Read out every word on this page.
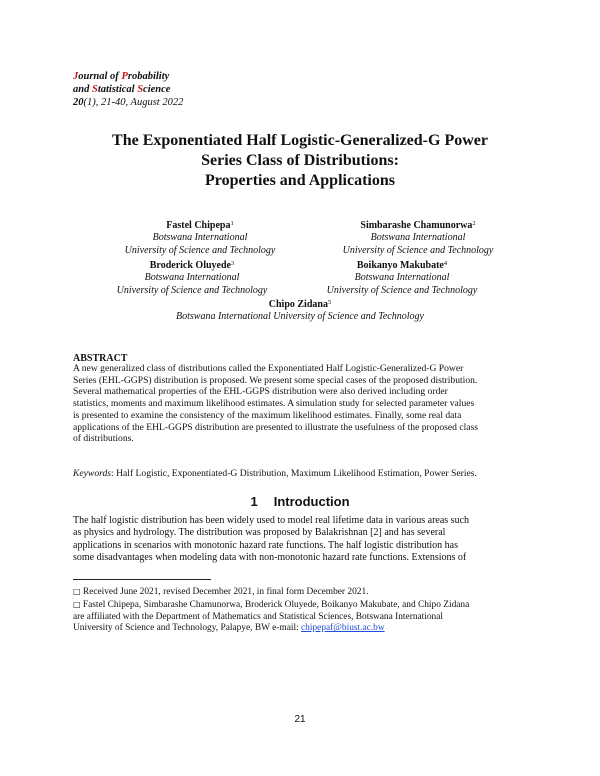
Journal of Probability
and Statistical Science
20(1), 21-40, August 2022
The Exponentiated Half Logistic-Generalized-G Power
Series Class of Distributions:
Properties and Applications
Fastel Chipepa$^1$
Botswana International
University of Science and Technology
Simbarashe Chamunorwa$^2$
Botswana International
University of Science and Technology
Broderick Oluyede$^3$
Botswana International
University of Science and Technology
Boikanyo Makubate$^4$
Botswana International
University of Science and Technology
Chipo Zidana$^5$
Botswana International University of Science and Technology
ABSTRACT
A new generalized class of distributions called the Exponentiated Half Logistic-Generalized-G Power
Series (EHL-GGPS) distribution is proposed. We present some special cases of the proposed distribution.
Several mathematical properties of the EHL-GGPS distribution were also derived including order
statistics, moments and maximum likelihood estimates. A simulation study for selected parameter values
is presented to examine the consistency of the maximum likelihood estimates. Finally, some real data
applications of the EHL-GGPS distribution are presented to illustrate the usefulness of the proposed class
of distributions.
Keywords: Half Logistic, Exponentiated-G Distribution, Maximum Likelihood Estimation, Power Series.
1 Introduction
The half logistic distribution has been widely used to model real lifetime data in various areas such
as physics and hydrology. The distribution was proposed by Balakrishnan [2] and has several
applications in scenarios with monotonic hazard rate functions. The half logistic distribution has
some disadvantages when modeling data with non-monotonic hazard rate functions. Extensions of
□ Received June 2021, revised December 2021, in final form December 2021.
□ Fastel Chipepa, Simbarashe Chamunorwa, Broderick Oluyede, Boikanyo Makubate, and Chipo Zidana
are affiliated with the Department of Mathematics and Statistical Sciences, Botswana International
University of Science and Technology, Palapye, BW e-mail: chipepaf@biust.ac.bw
21
